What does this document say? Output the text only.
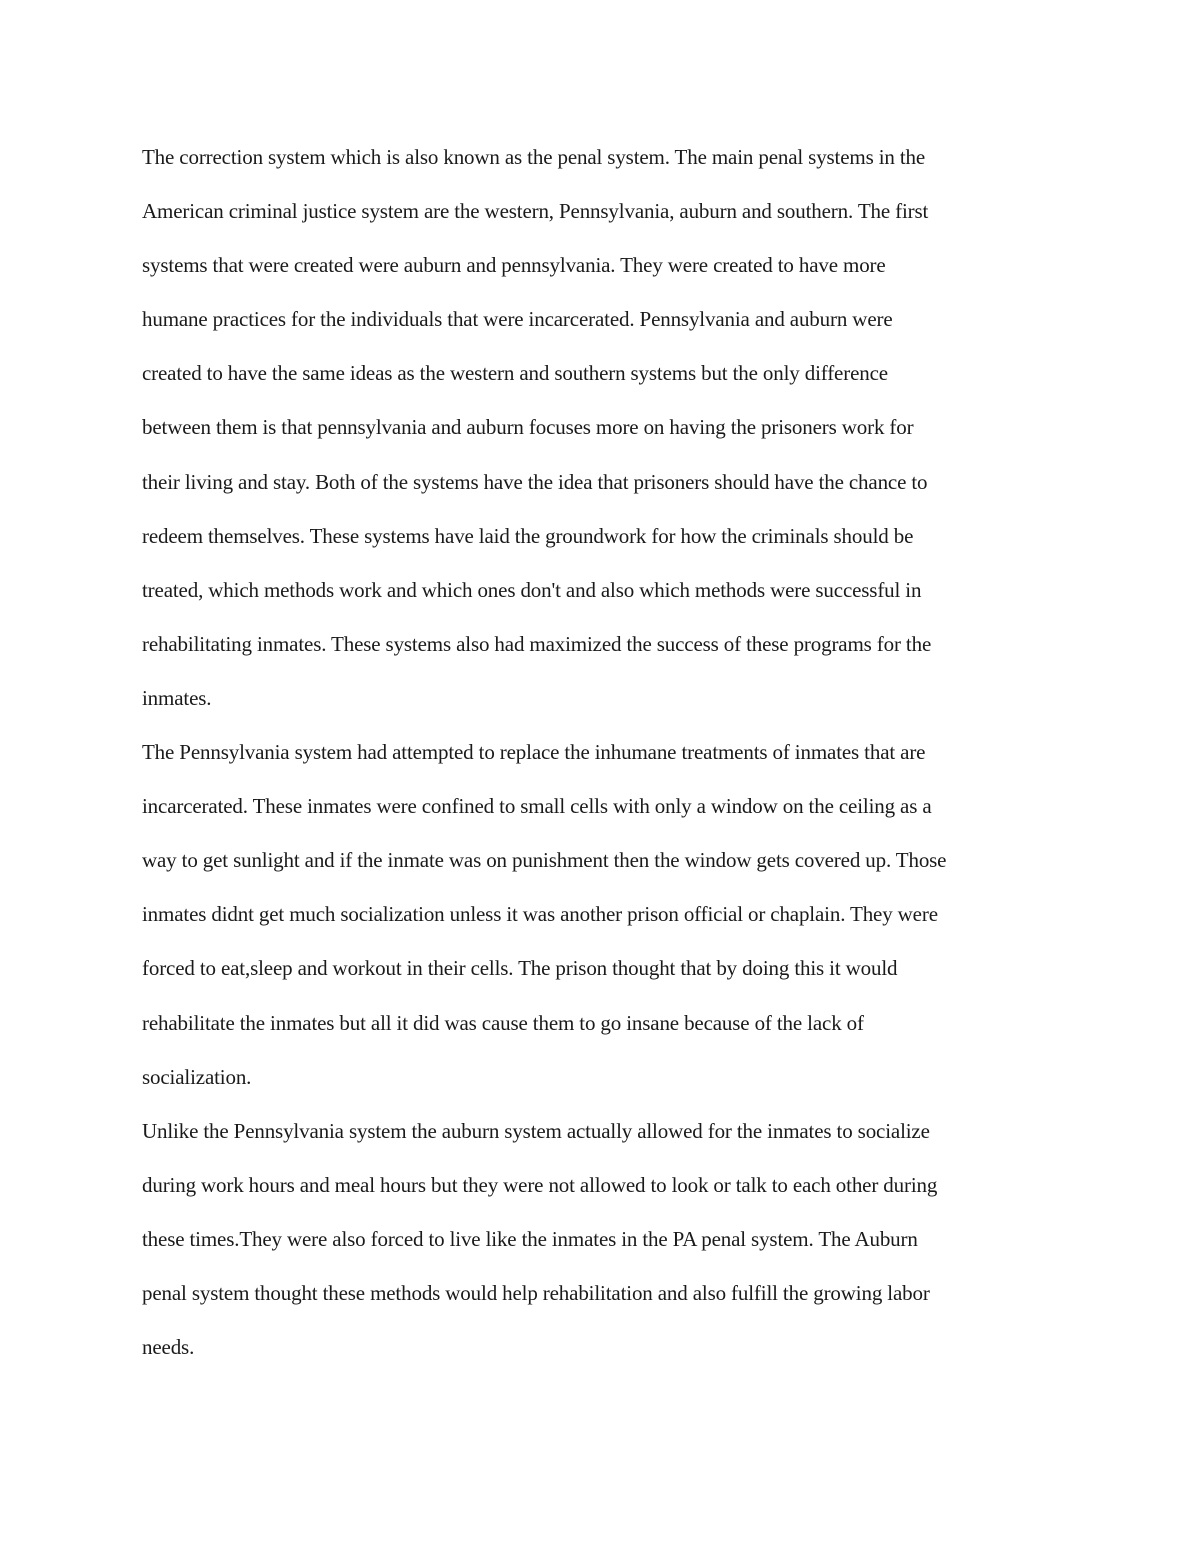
The correction system which is also known as the penal system. The main penal systems in the
American criminal justice system are the western, Pennsylvania, auburn and southern. The first
systems that were created were auburn and pennsylvania. They were created to have more
humane practices for the individuals that were incarcerated. Pennsylvania and auburn were
created to have the same ideas as the western and southern systems but the only difference
between them is that pennsylvania and auburn focuses more on having the prisoners work for
their living and stay. Both of the systems have the idea that prisoners should have the chance to
redeem themselves. These systems have laid the groundwork for how the criminals should be
treated, which methods work and which ones don't and also which methods were successful in
rehabilitating inmates. These systems also had maximized the success of these programs for the
inmates.
The Pennsylvania system had attempted to replace the inhumane treatments of inmates that are
incarcerated. These inmates were confined to small cells with only a window on the ceiling as a
way to get sunlight and if the inmate was on punishment then the window gets covered up. Those
inmates didnt get much socialization unless it was another prison official or chaplain. They were
forced to eat,sleep and workout in their cells. The prison thought that by doing this it would
rehabilitate the inmates but all it did was cause them to go insane because of the lack of
socialization.
Unlike the Pennsylvania system the auburn system actually allowed for the inmates to socialize
during work hours and meal hours but they were not allowed to look or talk to each other during
these times.They were also forced to live like the inmates in the PA penal system. The Auburn
penal system thought these methods would help rehabilitation and also fulfill the growing labor
needs.
